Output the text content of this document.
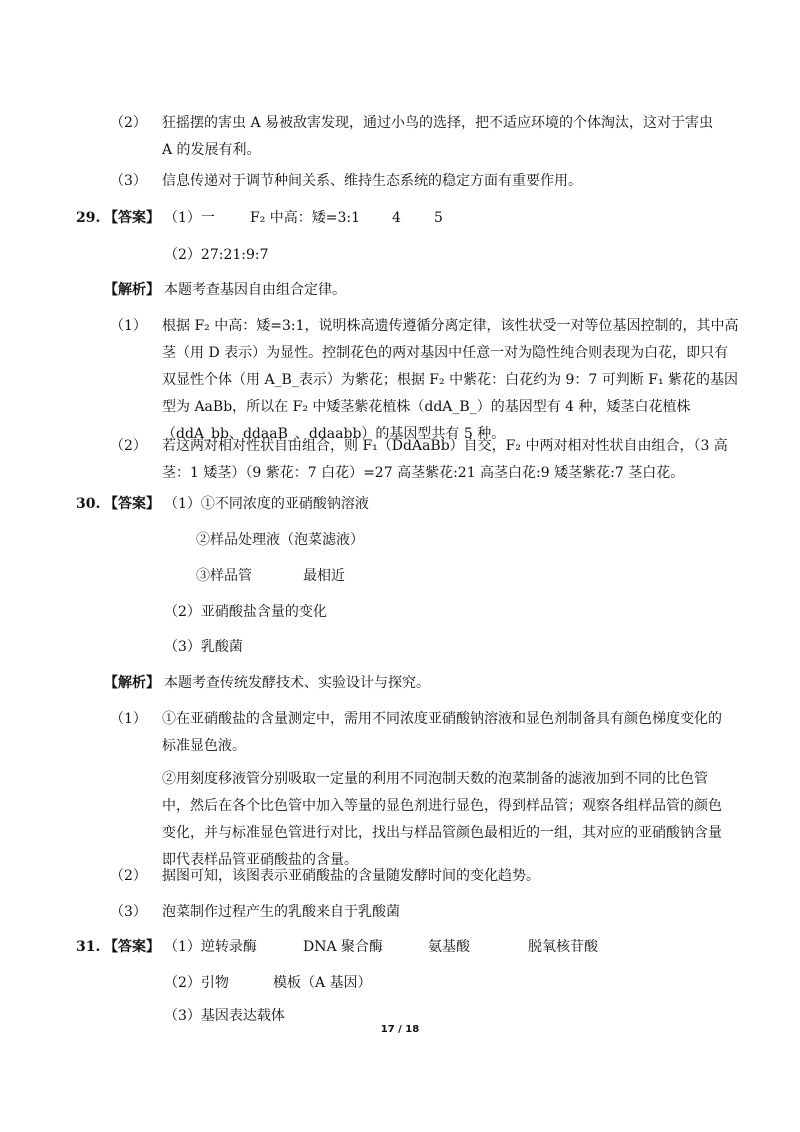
（2） 狂摇摆的害虫 A 易被敌害发现，通过小鸟的选择，把不适应环境的个体淘汰，这对于害虫
A 的发展有利。
（3） 信息传递对于调节种间关系、维持生态系统的稳定方面有重要作用。
29. 【答案】 （1）一	F₂ 中高：矮=3:1 4 5
（2）27:21:9:7
【解析】 本题考查基因自由组合定律。
（1） 根据 F₂ 中高：矮=3:1，说明株高遗传遵循分离定律，该性状受一对等位基因控制的，其中高
茎（用 D 表示）为显性。控制花色的两对基因中任意一对为隐性纯合则表现为白花，即只有
双显性个体（用 A_B_表示）为紫花；根据 F₂ 中紫花：白花约为 9：7 可判断 F₁ 紫花的基因
型为 AaBb，所以在 F₂ 中矮茎紫花植株（ddA_B_）的基因型有 4 种，矮茎白花植株
（ddA_bb、ddaaB_、ddaabb）的基因型共有 5 种。
（2） 若这两对相对性状自由组合，则 F₁（DdAaBb）自交，F₂ 中两对相对性状自由组合，（3 高
茎：1 矮茎）（9 紫花：7 白花）=27 高茎紫花:21 高茎白花:9 矮茎紫花:7 茎白花。
30. 【答案】 （1）①不同浓度的亚硝酸钠溶液
②样品处理液（泡菜滤液）
③样品管	最相近
（2）亚硝酸盐含量的变化
（3）乳酸菌
【解析】 本题考查传统发酵技术、实验设计与探究。
（1） ①在亚硝酸盐的含量测定中，需用不同浓度亚硝酸钠溶液和显色剂制备具有颜色梯度变化的
标准显色液。
②用刻度移液管分别吸取一定量的利用不同泡制天数的泡菜制备的滤液加到不同的比色管
中，然后在各个比色管中加入等量的显色剂进行显色，得到样品管；观察各组样品管的颜色
变化，并与标准显色管进行对比，找出与样品管颜色最相近的一组，其对应的亚硝酸钠含量
即代表样品管亚硝酸盐的含量。
（2） 据图可知，该图表示亚硝酸盐的含量随发酵时间的变化趋势。
（3） 泡菜制作过程产生的乳酸来自于乳酸菌
31. 【答案】 （1）逆转录酶	DNA 聚合酶	氨基酸	脱氧核苷酸
（2）引物	模板（A 基因）
（3）基因表达载体
17 / 18
